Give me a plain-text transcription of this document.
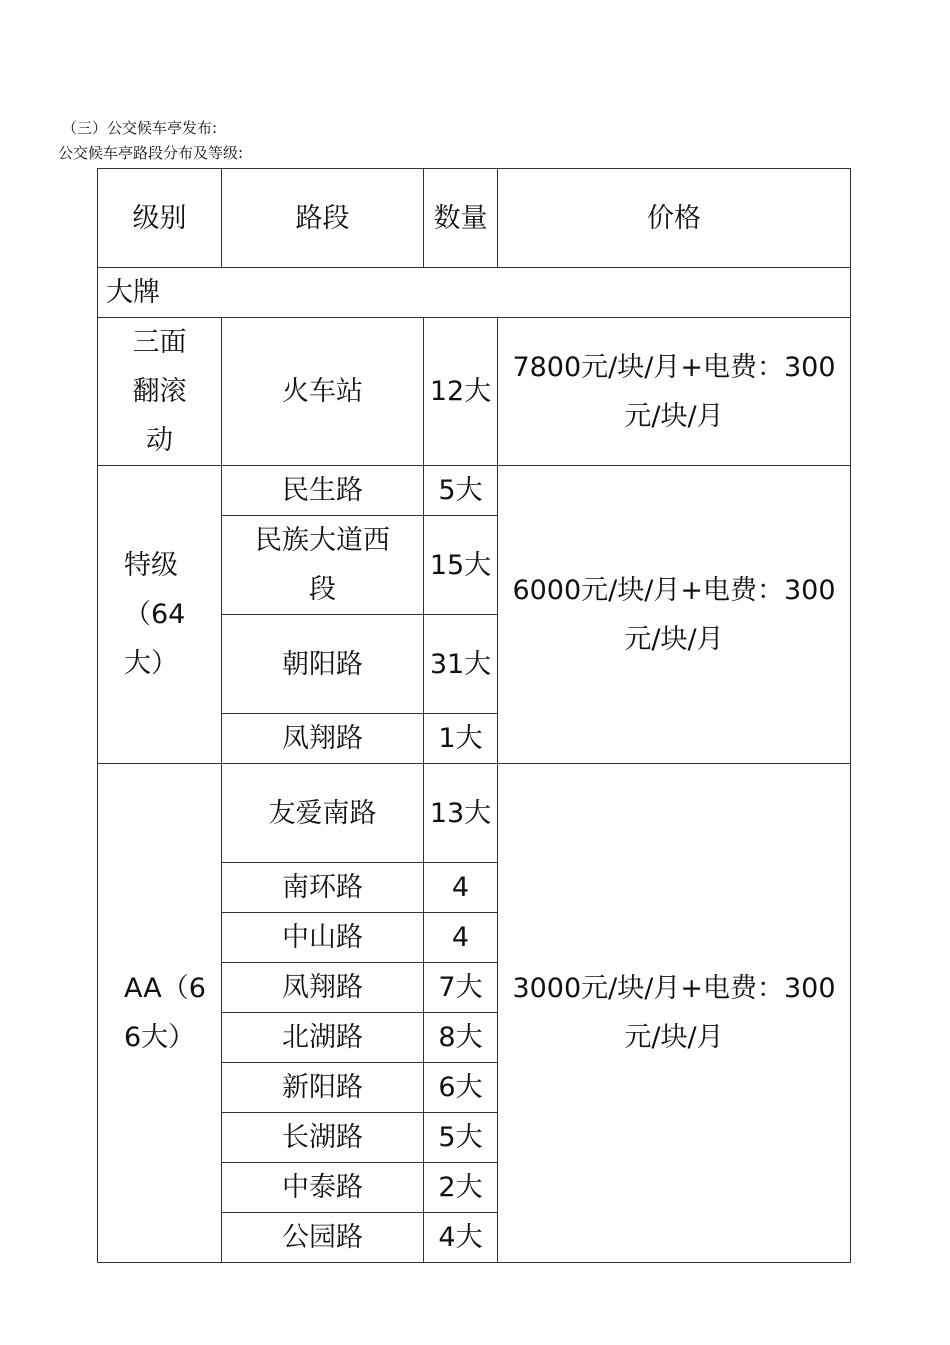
（三）公交候车亭发布:
公交候车亭路段分布及等级:
级别	路段	数量	价格
大牌			
三面翻滚动	火车站	12大	7800元/块/月+电费：300元/块/月
特级（64大）	民生路	5大	6000元/块/月+电费：300元/块/月
	民族大道西段	15大	
	朝阳路	31大	
	凤翔路	1大	
AA（66大）	友爱南路	13大	3000元/块/月+电费：300元/块/月
	南环路	4	
	中山路	4	
	凤翔路	7大	
	北湖路	8大	
	新阳路	6大	
	长湖路	5大	
	中泰路	2大	
	公园路	4大	
